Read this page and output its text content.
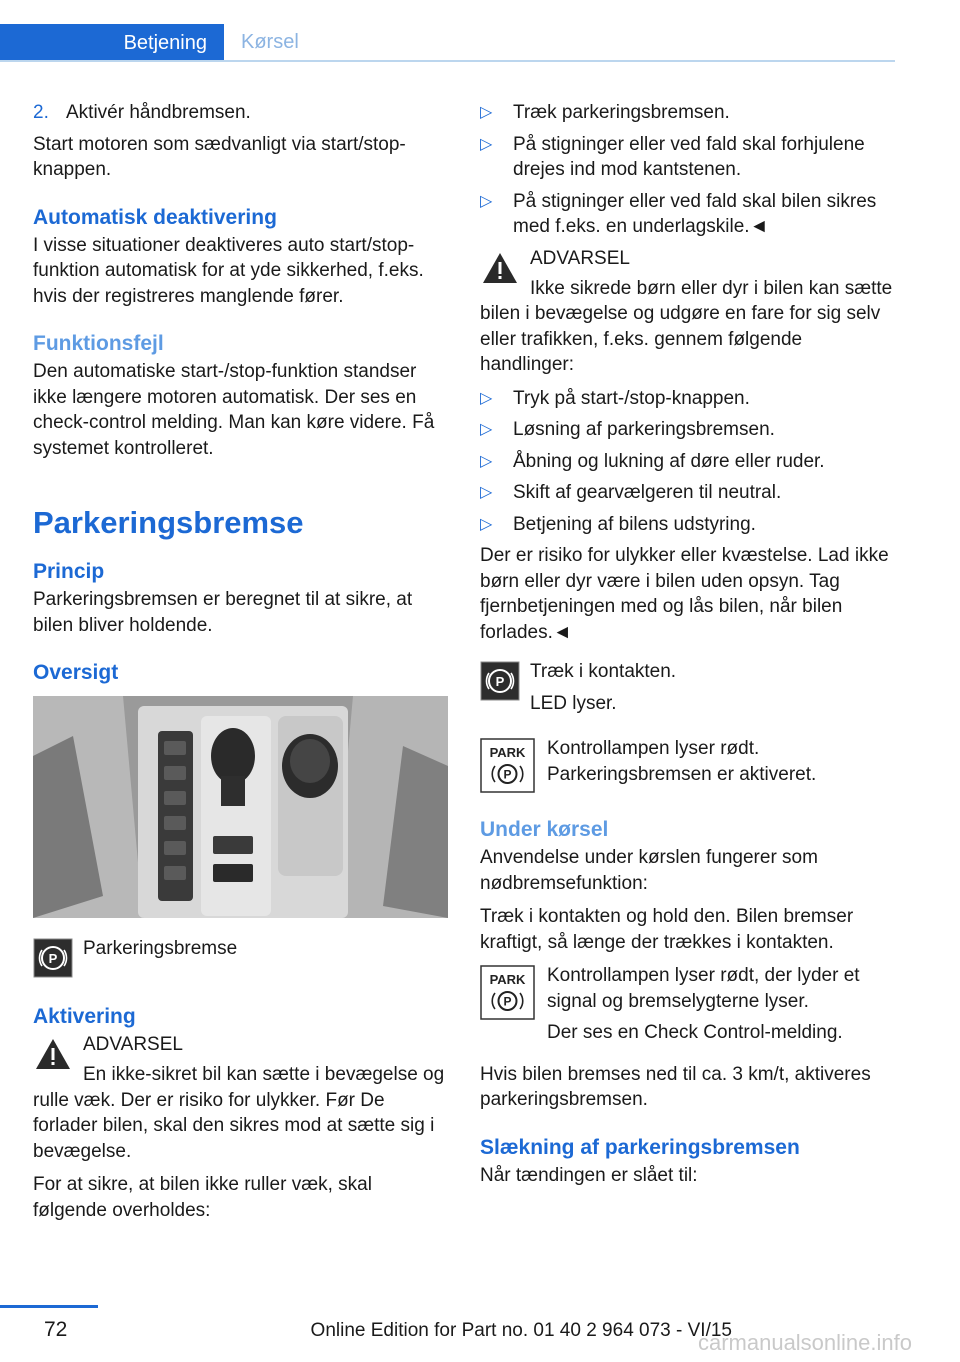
Betjening	Kørsel
2. Aktivér håndbremsen.

Start motoren som sædvanligt via start/stop-knappen.

Automatisk deaktivering

I visse situationer deaktiveres auto start/stop-funktion automatisk for at yde sikkerhed, f.eks. hvis der registreres manglende fører.

Funktionsfejl

Den automatiske start-/stop-funktion standser ikke længere motoren automatisk. Der ses en check-control melding. Man kan køre videre. Få systemet kontrolleret.

Parkeringsbremse
Princip

Parkeringsbremsen er beregnet til at sikre, at bilen bliver holdende.

Oversigt
P Parkeringsbremse

Aktivering
ADVARSEL

En ikke-sikret bil kan sætte i bevægelse og rulle væk. Der er risiko for ulykker. Før De forlader bilen, skal den sikres mod at sætte sig i bevægelse.

For at sikre, at bilen ikke ruller væk, skal følgende overholdes:

▷	Træk parkeringsbremsen.
▷	På stigninger eller ved fald skal forhjulene drejes ind mod kantstenen.
▷	På stigninger eller ved fald skal bilen sikres med f.eks. en underlagskile.◄
ADVARSEL

Ikke sikrede børn eller dyr i bilen kan sætte bilen i bevægelse og udgøre en fare for sig selv eller trafikken, f.eks. gennem følgende handlinger:

▷	Tryk på start-/stop-knappen.
▷	Løsning af parkeringsbremsen.
▷	Åbning og lukning af døre eller ruder.
▷	Skift af gearvælgeren til neutral.
▷	Betjening af bilens udstyring.

Der er risiko for ulykker eller kvæstelse. Lad ikke børn eller dyr være i bilen uden opsyn. Tag fjernbetjeningen med og lås bilen, når bilen forlades.◄

P Træk i kontakten.

LED lyser.

PARK
P

Kontrollampen lyser rødt. Parkeringsbremsen er aktiveret.

Under kørsel

Anvendelse under kørslen fungerer som nødbremsefunktion:

Træk i kontakten og hold den. Bilen bremser kraftigt, så længe der trækkes i kontakten.

PARK
P

Kontrollampen lyser rødt, der lyder et signal og bremselygterne lyser.

Der ses en Check Control-melding.

Hvis bilen bremses ned til ca. 3 km/t, aktiveres parkeringsbremsen.

Slækning af parkeringsbremsen

Når tændingen er slået til:

72	Online Edition for Part no. 01 40 2 964 073 - VI/15
carmanualsonline.info
